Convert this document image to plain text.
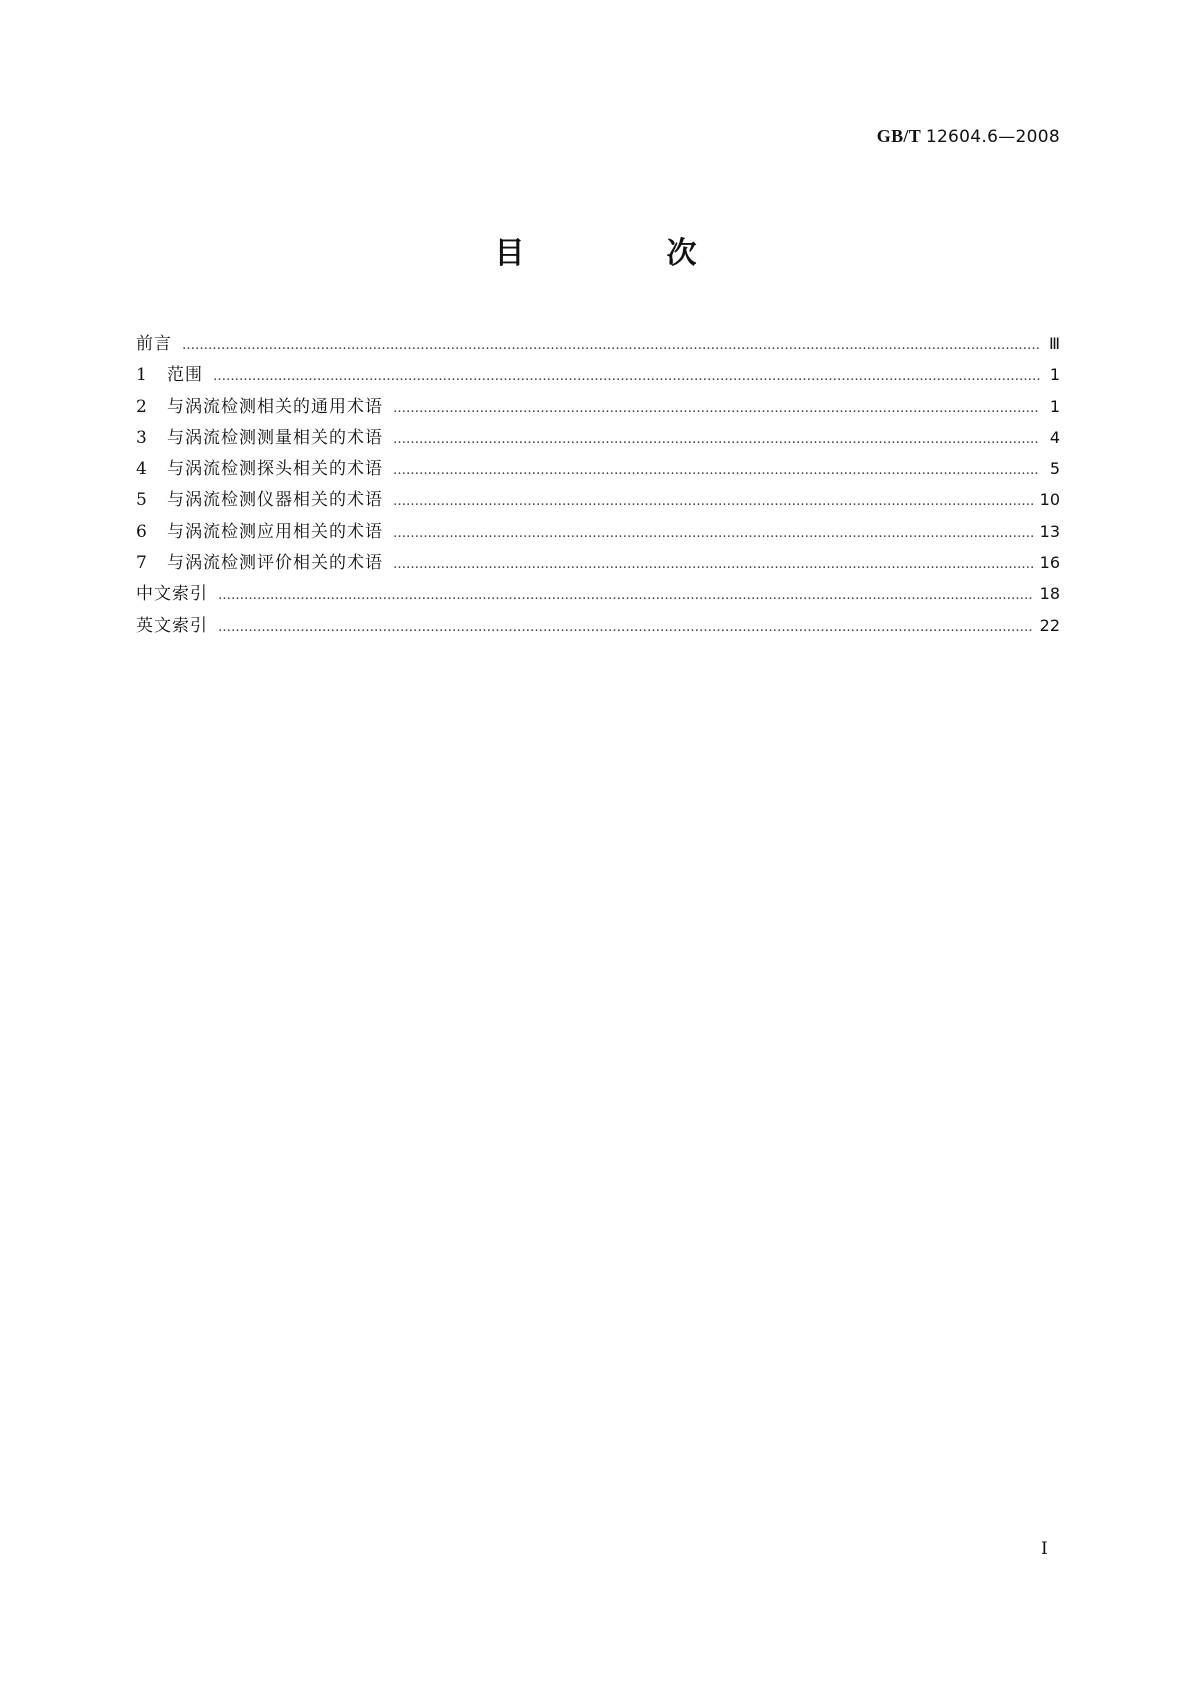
GB/T 12604.6—2008
目　次
前言 ……………………………………………………………………………………………………………………………………………………………………………………………………	Ⅲ
1	范围 ……………………………………………………………………………………………………………………………………………………………………………………………………	1
2	与涡流检测相关的通用术语 ……………………………………………………………………………………………………………………………………………………………………………………………………	1
3	与涡流检测测量相关的术语 ……………………………………………………………………………………………………………………………………………………………………………………………………	4
4	与涡流检测探头相关的术语 ……………………………………………………………………………………………………………………………………………………………………………………………………	5
5	与涡流检测仪器相关的术语 ……………………………………………………………………………………………………………………………………………………………………………………………………	10
6	与涡流检测应用相关的术语 ……………………………………………………………………………………………………………………………………………………………………………………………………	13
7	与涡流检测评价相关的术语 ……………………………………………………………………………………………………………………………………………………………………………………………………	16
中文索引 ……………………………………………………………………………………………………………………………………………………………………………………………………	18
英文索引 ……………………………………………………………………………………………………………………………………………………………………………………………………	22
Ⅰ
